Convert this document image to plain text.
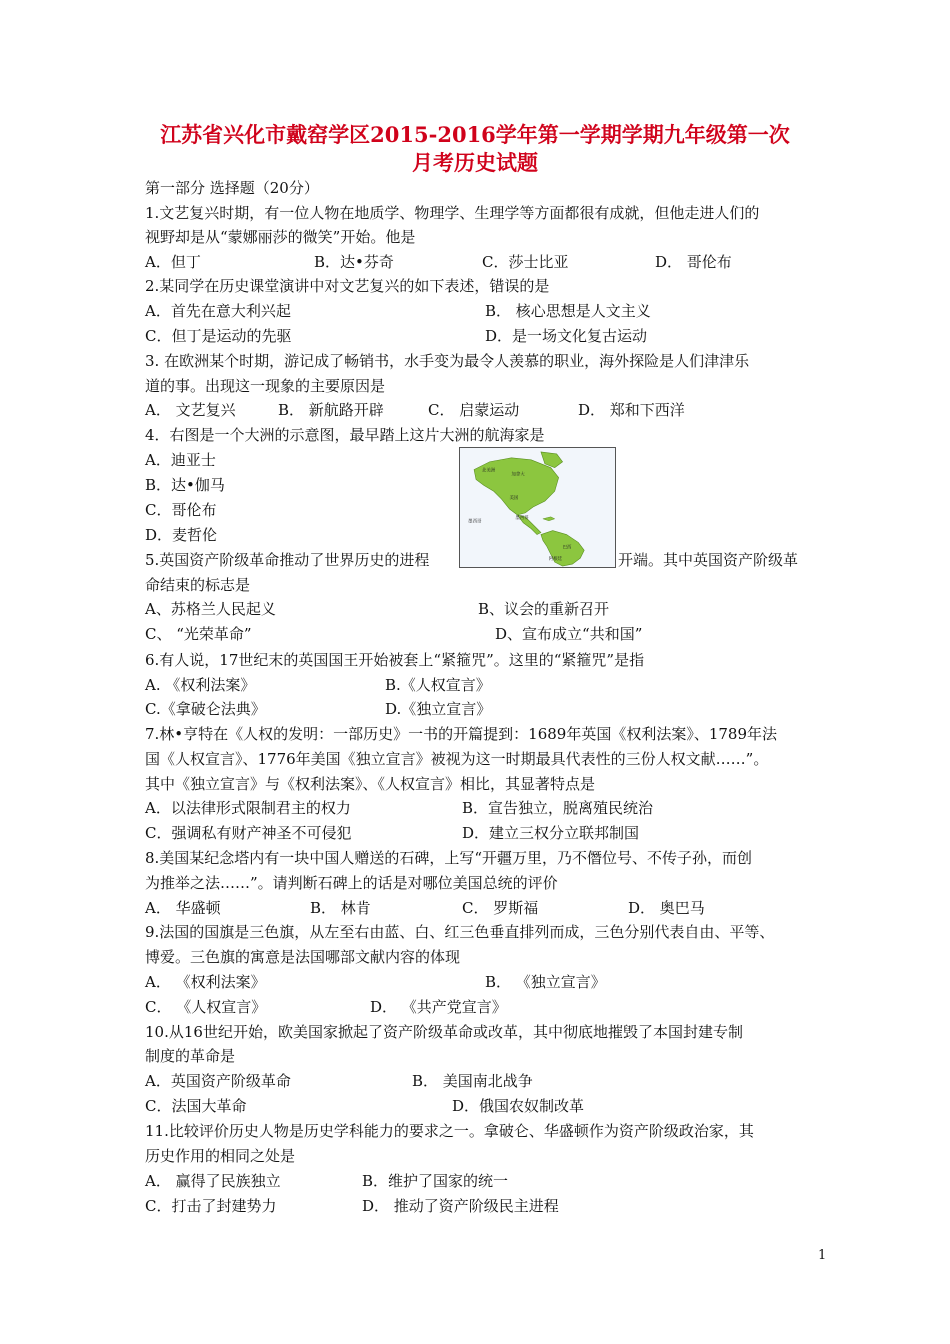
江苏省兴化市戴窑学区2015-2016学年第一学期学期九年级第一次
月考历史试题
第一部分 选择题（20分）
1.文艺复兴时期，有一位人物在地质学、物理学、生理学等方面都很有成就，但他走进人们的
视野却是从“蒙娜丽莎的微笑”开始。他是
A．但丁	B．达•芬奇	C．莎士比亚	D． 哥伦布
2.某同学在历史课堂演讲中对文艺复兴的如下表述，错误的是
A．首先在意大利兴起	B． 核心思想是人文主义
C．但丁是运动的先驱	D．是一场文化复古运动
3. 在欧洲某个时期，游记成了畅销书，水手变为最令人羡慕的职业，海外探险是人们津津乐
道的事。出现这一现象的主要原因是
A． 文艺复兴	B． 新航路开辟	C． 启蒙运动	D． 郑和下西洋
4．右图是一个大洲的示意图，最早踏上这片大洲的航海家是
A．迪亚士
B．达•伽马
C．哥伦布
D．麦哲伦
5.英国资产阶级革命推动了世界历史的进程	开端。其中英国资产阶级革
命结束的标志是
A、苏格兰人民起义	B、议会的重新召开
C、 “光荣革命”	D、宣布成立“共和国”
北美洲
加拿大
美国
墨西哥
墨西哥
巴西
阿根廷
6.有人说，17世纪末的英国国王开始被套上“紧箍咒”。这里的“紧箍咒”是指
A. 《权利法案》	B.《人权宣言》
C.《拿破仑法典》	D.《独立宣言》
7.林•亨特在《人权的发明：一部历史》一书的开篇提到：1689年英国《权利法案》、1789年法
国《人权宣言》、1776年美国《独立宣言》被视为这一时期最具代表性的三份人权文献……”。
其中《独立宣言》与《权利法案》、《人权宣言》相比，其显著特点是
A．以法律形式限制君主的权力	B．宣告独立，脱离殖民统治
C．强调私有财产神圣不可侵犯	D．建立三权分立联邦制国
8.美国某纪念塔内有一块中国人赠送的石碑，上写“开疆万里，乃不僭位号、不传子孙，而创
为推举之法……”。请判断石碑上的话是对哪位美国总统的评价
A． 华盛顿	B． 林肯	C． 罗斯福	D． 奥巴马
9.法国的国旗是三色旗，从左至右由蓝、白、红三色垂直排列而成，三色分别代表自由、平等、
博爱。三色旗的寓意是法国哪部文献内容的体现
A． 《权利法案》	B． 《独立宣言》
C． 《人权宣言》	D． 《共产党宣言》
10.从16世纪开始，欧美国家掀起了资产阶级革命或改革，其中彻底地摧毁了本国封建专制
制度的革命是
A．英国资产阶级革命	B． 美国南北战争
C．法国大革命	D．俄国农奴制改革
11.比较评价历史人物是历史学科能力的要求之一。拿破仑、华盛顿作为资产阶级政治家，其
历史作用的相同之处是
A． 赢得了民族独立	B．维护了国家的统一
C．打击了封建势力	D． 推动了资产阶级民主进程
1
